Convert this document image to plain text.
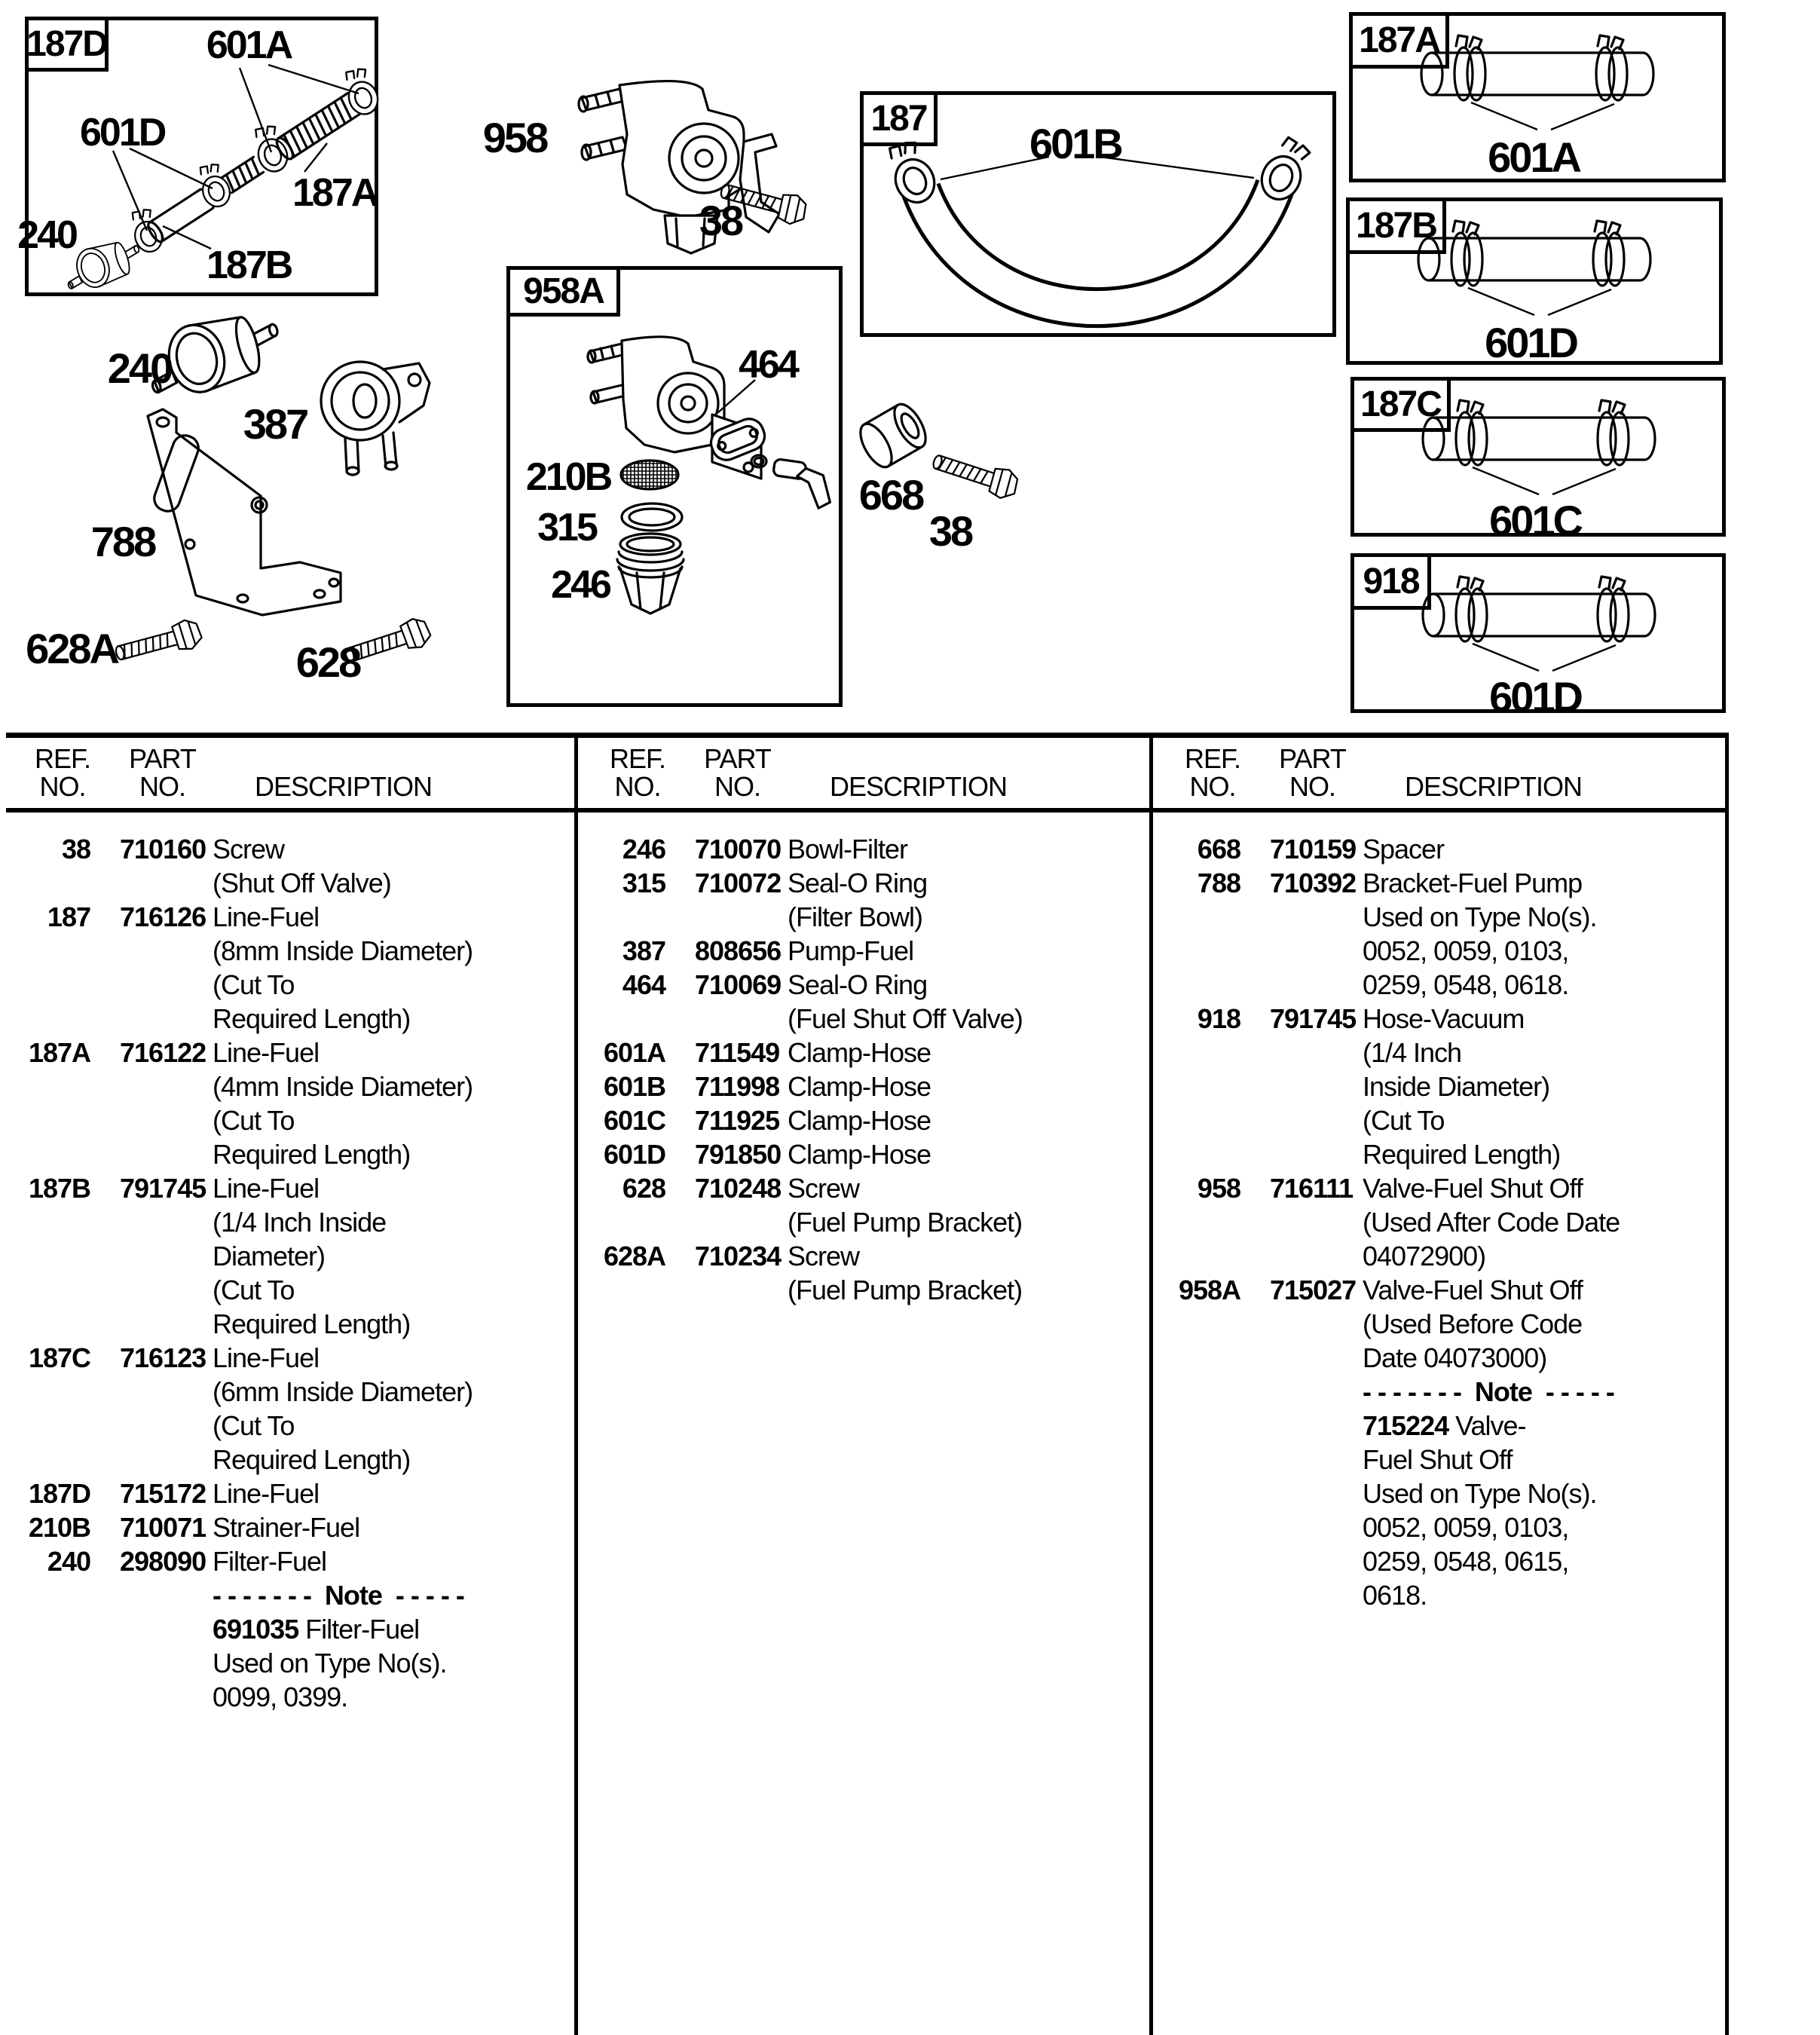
187D
958A
187
187A
187B
187C
918
601A
601D
187A
187B
240
958
38
464
210B
315
246
668
38
601B	601A
601D
601C
601D
240
387
788
628A	628
REF.
NO.
PART
NO.	DESCRIPTION
REF.
NO.
PART
NO.	DESCRIPTION
REF.
NO.
PART
NO.	DESCRIPTION
38 710160 Screw
(Shut Off Valve)
187 716126 Line-Fuel
(8mm Inside Diameter)
(Cut To
Required Length)
187A 716122 Line-Fuel
(4mm Inside Diameter)
(Cut To
Required Length)
187B 791745 Line-Fuel
(1/4 Inch Inside
Diameter)
(Cut To
Required Length)
187C 716123 Line-Fuel
(6mm Inside Diameter)
(Cut To
Required Length)
187D 715172 Line-Fuel
210B 710071 Strainer-Fuel
240 298090 Filter-Fuel
- - - - - - -  Note  - - - - -
691035 Filter-Fuel
Used on Type No(s).
0099, 0399.
246 710070 Bowl-Filter
315 710072 Seal-O Ring
(Filter Bowl)
387 808656 Pump-Fuel
464 710069 Seal-O Ring
(Fuel Shut Off Valve)
601A 711549 Clamp-Hose
601B 711998 Clamp-Hose
601C 711925 Clamp-Hose
601D 791850 Clamp-Hose
628 710248 Screw
(Fuel Pump Bracket)
628A 710234 Screw
(Fuel Pump Bracket)
668 710159 Spacer
788 710392 Bracket-Fuel Pump
Used on Type No(s).
0052, 0059, 0103,
0259, 0548, 0618.
918 791745 Hose-Vacuum
(1/4 Inch
Inside Diameter)
(Cut To
Required Length)
958 716111 Valve-Fuel Shut Off
(Used After Code Date
04072900)
958A 715027 Valve-Fuel Shut Off
(Used Before Code
Date 04073000)
- - - - - - -  Note  - - - - -
715224 Valve-
Fuel Shut Off
Used on Type No(s).
0052, 0059, 0103,
0259, 0548, 0615,
0618.
